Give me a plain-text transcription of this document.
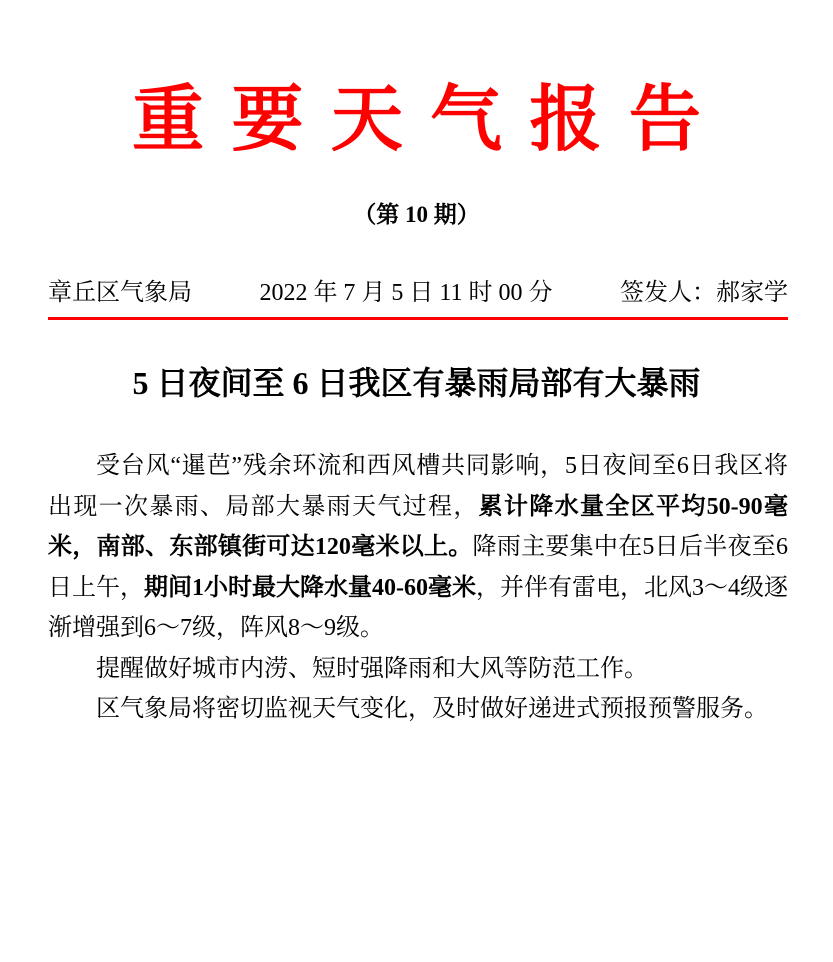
重要天气报告
（第 10 期）
章丘区气象局	2022 年 7 月 5 日 11 时 00 分	签发人：郝家学
5 日夜间至 6 日我区有暴雨局部有大暴雨

受台风“暹芭”残余环流和西风槽共同影响，5日夜间至6日我区将出现一次暴雨、局部大暴雨天气过程，累计降水量全区平均50-90毫米，南部、东部镇街可达120毫米以上。降雨主要集中在5日后半夜至6日上午，期间1小时最大降水量40-60毫米，并伴有雷电，北风3～4级逐渐增强到6～7级，阵风8～9级。

提醒做好城市内涝、短时强降雨和大风等防范工作。

区气象局将密切监视天气变化，及时做好递进式预报预警服务。
